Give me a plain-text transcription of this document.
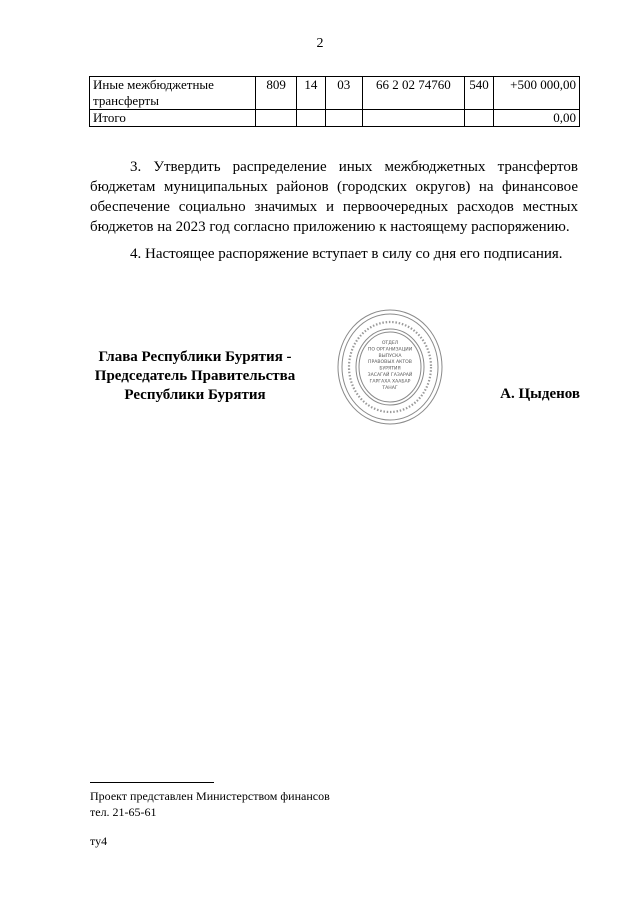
2
Иные межбюджетные
трансферты	809	14	03	66 2 02 74760	540	+500 000,00
Итого						0,00
3. Утвердить распределение иных межбюджетных трансфертов бюджетам муниципальных районов (городских округов) на финансовое обеспечение социально значимых и первоочередных расходов местных бюджетов на 2023 год согласно приложению к настоящему распоряжению.
4. Настоящее распоряжение вступает в силу со дня его подписания.
Глава Республики Бурятия -
Председатель Правительства
Республики Бурятия
ОТДЕЛ
ПО ОРГАНИЗАЦИИ
ВЫПУСКА
ПРАВОВЫХ АКТОВ
БУРЯТИЯ
ЗАСАГАЙ ГАЗАРАЙ
ГАРГАХА ХААБАР
ТАНАГ	А. Цыденов
Проект представлен Министерством финансов
тел. 21-65-61
ту4
